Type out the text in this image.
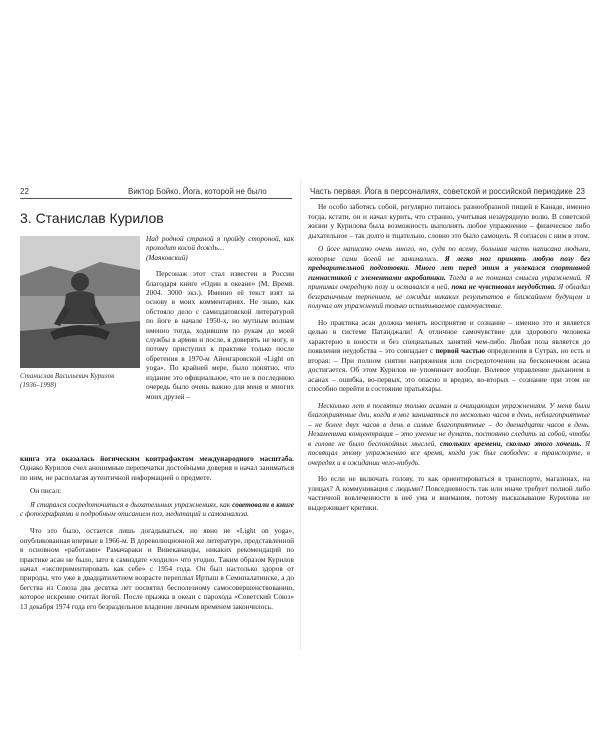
22	Виктор Бойко. Йога, которой не было
3. Станислав Курилов
Станислав Васильевич Курилов
(1936–1998)

Над родной страной я пройду стороной, как проходит косой дождь…
(Маяковский)

Персонаж этот стал известен в России благодаря книге «Один в океане» (М. Время. 2004. 3000 экз.). Именно её текст взят за основу в моих комментариях. Не знаю, как обстояло дело с самиздатовской литературой по йоге в начале 1950-х, но мутным волнам именно тогда, ходившим по рукам до моей службы в армии и после, я доверять не могу, и потому приступил к практике только после обретения в 1970-м Айенгаровской «Light on yoga». По крайней мере, было понятно, что издание это официальное, что не в последнюю очередь было очень важно для меня и многих моих друзей –

книга эта оказалась йогическим контрафактом международного масштаба. Однако Курилов счел анонимные перепечатки достойными доверия и начал заниматься по ним, не располагая аутентичной информацией о предмете.

Он писал:

Я старался сосредоточиться в дыхательных упражнениях, как советовали в книге с фотографиями и подробным описанием поз, медитаций и самоанализа.

Что это было, остается лишь догадываться, но явно не «Light on yoga», опубликованная впервые в 1966-м. В дореволюционной же литературе, представленной в основном «работами» Рамачараки и Вивекананды, никаких рекомендаций по практике асан не было, зато в самиздате «ходило» что угодно. Таким образом Курилов начал «экспериментировать как себе» с 1954 года. Он был настолько здоров от природы, что уже в двадцатилетнем возрасте переплыл Иртыш в Семипалатинске, а до бегства из Союза два десятка лет посвятил бесполезному самосовершенствованию, которое искренне считал йогой. После прыжка в океан с парохода «Советский Союз» 13 декабря 1974 года его безраздельное владение личным временем закончилось.

Часть первая. Йога в персоналиях, советской и российской периодике 23

Не особо заботясь собой, регулярно питаюсь разнообразной пищей в Канаде, именно тогда, кстати, он и начал курить, что странно, учитывая незаурядную волю. В советской жизни у Курилова была возможность выполнять любое упражнение – физическое либо дыхательное – так долго и тщательно, словно это было самоцель. Я согласен с ним в этом.

О йоге написано очень много, но, судя по всему, большая часть написана людьми, которые сами йогой не занимались. Я легко мог принять любую позу без предварительной подготовки. Много лет перед этим я увлекался спортивной гимнастикой с элементами акробатики. Тогда я не понимал смысла упражнений. Я принимал очередную позу и оставался в ней, пока не чувствовал неудобства. Я обладал безграничным терпением, не ожидал никаких результатов в ближайшем будущем и получал от упражнений только испытываемое самочувствие.

Но практика асан должна менять восприятие и сознание – именно это и является целью в системе Патанджали! А отличное самочувствие для здорового человека характерно в юности и без специальных занятий чем-либо. Любая поза является до появления неудобства – это совпадает с первой частью определения в Сутрах, но есть и вторая: – При полном снятии напряжения или сосредоточении на бесконечном асана достигается. Об этом Курилов не упоминает вообще. Волевое управление дыханием в асанах – ошибка, во-первых, это опасно и вредно, во-вторых – сознание при этом не способно перейти в состояние пратьяхары.

Несколько лет я посвятил только асанам и очищающим упражнениям. У меня были благоприятные дни, когда я мог заниматься по несколько часов в день, неблагоприятные – не более двух часов в день в самые благоприятные – до двенадцати часов в день. Незаменима концентрация – это умение не думать, постоянно следить за собой, чтобы в голове не было беспокойных мыслей, стольких времени, сколько этого хочешь. Я посвящал этому упражнению все время, когда уж был свободен: в транспорте, в очередях и в ожидании чего-нибудь.

Но если не включать голову, то как ориентироваться в транспорте, магазинах, на улицах? А коммуникация с людьми? Повседневность так или иначе требует полной либо частичной вовлеченности в неё ума и внимания, потому высказывание Курилова не выдерживает критики.
